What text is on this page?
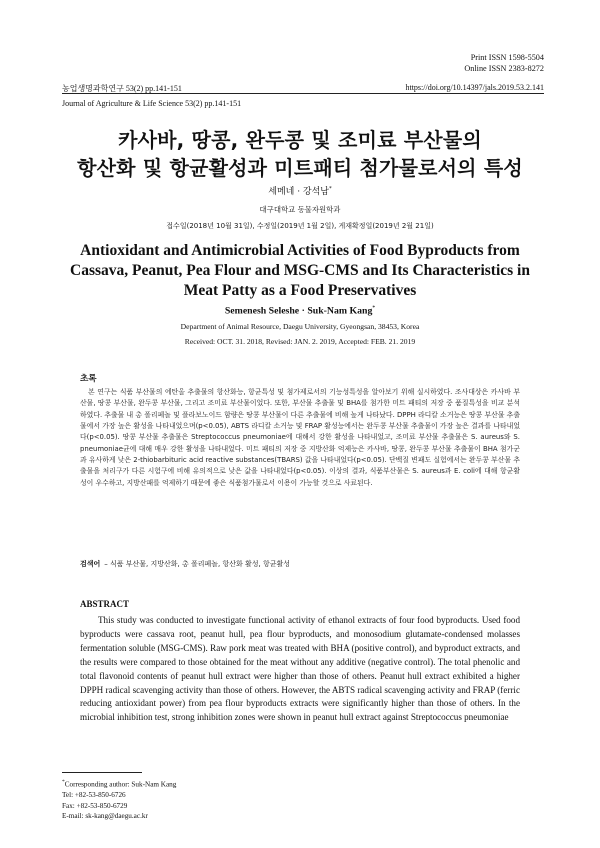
Print ISSN 1598-5504
Online ISSN 2383-8272
농업생명과학연구 53(2) pp.141-151
Journal of Agriculture & Life Science 53(2) pp.141-151
https://doi.org/10.14397/jals.2019.53.2.141
카사바, 땅콩, 완두콩 및 조미료 부산물의
항산화 및 항균활성과 미트패티 첨가물로서의 특성
세메네 · 강석남*
대구대학교 동물자원학과
접수일(2018년 10월 31일), 수정일(2019년 1월 2일), 게재확정일(2019년 2월 21일)
Antioxidant and Antimicrobial Activities of Food Byproducts from
Cassava, Peanut, Pea Flour and MSG-CMS and Its Characteristics in
Meat Patty as a Food Preservatives
Semenesh Seleshe · Suk-Nam Kang*
Department of Animal Resource, Daegu University, Gyeongsan, 38453, Korea
Received: OCT. 31. 2018, Revised: JAN. 2. 2019, Accepted: FEB. 21. 2019
초록

본 연구는 식품 부산물의 에탄올 추출물의 항산화능, 항균특성 및 첨가제로서의 기능성특성을 알아보기 위해 실시하였다. 조사대상은 카사바 부산물, 땅콩 부산물, 완두콩 부산물, 그리고 조미료 부산물이었다. 또한, 부산물 추출물 및 BHA를 첨가한 미트 패티의 저장 중 품질특성을 비교 분석하였다. 추출물 내 총 폴리페놀 및 플라보노이드 함량은 땅콩 부산물이 다른 추출물에 비해 높게 나타났다. DPPH 라디칼 소거능은 땅콩 부산물 추출물에서 가장 높은 활성을 나타내었으며(p<0.05), ABTS 라디칼 소거능 및 FRAP 활성능에서는 완두콩 부산물 추출물이 가장 높은 결과를 나타내었다(p<0.05). 땅콩 부산물 추출물은 Streptococcus pneumoniae에 대해서 강한 활성을 나타내었고, 조미료 부산물 추출물은 S. aureus와 S. pneumoniae균에 대해 매우 강한 활성을 나타내었다. 미트 패티의 저장 중 지방산화 억제능은 카사바, 땅콩, 완두콩 부산물 추출물이 BHA 첨가군과 유사하게 낮은 2-thiobarbituric acid reactive substances(TBARS) 값을 나타내었다(p<0.05). 단백질 변패도 실험에서는 완두콩 부산물 추출물을 처리구가 다른 시험구에 비해 유의적으로 낮은 값을 나타내었다(p<0.05). 이상의 결과, 식품부산물은 S. aureus과 E. coli에 대해 항균활성이 우수하고, 지방산패를 억제하기 때문에 좋은 식품첨가물로서 이용이 가능할 것으로 사료된다.

검색어 – 식품 부산물, 지방산화, 총 폴리페놀, 항산화 활성, 항균활성
ABSTRACT

This study was conducted to investigate functional activity of ethanol extracts of four food byproducts. Used food byproducts were cassava root, peanut hull, pea flour byproducts, and monosodium glutamate-condensed molasses fermentation soluble (MSG-CMS). Raw pork meat was treated with BHA (positive control), and byproduct extracts, and the results were compared to those obtained for the meat without any additive (negative control). The total phenolic and total flavonoid contents of peanut hull extract were higher than those of others. Peanut hull extract exhibited a higher DPPH radical scavenging activity than those of others. However, the ABTS radical scavenging activity and FRAP (ferric reducing antioxidant power) from pea flour byproducts extracts were significantly higher than those of others. In the microbial inhibition test, strong inhibition zones were shown in peanut hull extract against Streptococcus pneumoniae

*Corresponding author: Suk-Nam Kang
Tel: +82-53-850-6726
Fax: +82-53-850-6729
E-mail: sk-kang@daegu.ac.kr
